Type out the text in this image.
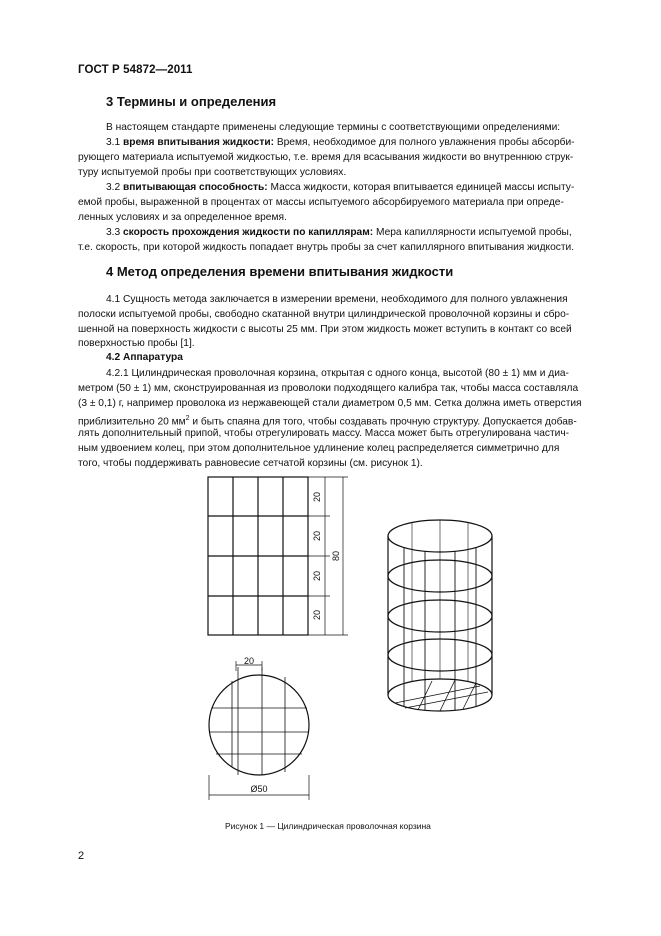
ГОСТ Р 54872—2011
3 Термины и определения
В настоящем стандарте применены следующие термины с соответствующими определениями:
3.1 время впитывания жидкости: Время, необходимое для полного увлажнения пробы абсорби-
рующего материала испытуемой жидкостью, т.е. время для всасывания жидкости во внутреннюю струк-
туру испытуемой пробы при соответствующих условиях.
3.2 впитывающая способность: Масса жидкости, которая впитывается единицей массы испыту-
емой пробы, выраженной в процентах от массы испытуемого абсорбируемого материала при опреде-
ленных условиях и за определенное время.
3.3 скорость прохождения жидкости по капиллярам: Мера капиллярности испытуемой пробы,
т.е. скорость, при которой жидкость попадает внутрь пробы за счет капиллярного впитывания жидкости.
4 Метод определения времени впитывания жидкости
4.1 Сущность метода заключается в измерении времени, необходимого для полного увлажнения
полоски испытуемой пробы, свободно скатанной внутри цилиндрической проволочной корзины и сбро-
шенной на поверхность жидкости с высоты 25 мм. При этом жидкость может вступить в контакт со всей
поверхностью пробы [1].
4.2 Аппаратура
4.2.1 Цилиндрическая проволочная корзина, открытая с одного конца, высотой (80 ± 1) мм и диа-
метром (50 ± 1) мм, сконструированная из проволоки подходящего калибра так, чтобы масса составляла
(3 ± 0,1) г, например проволока из нержавеющей стали диаметром 0,5 мм. Сетка должна иметь отверстия
приблизительно 20 $мм^2$ и быть спаяна для того, чтобы создавать прочную структуру. Допускается добав-
лять дополнительный припой, чтобы отрегулировать массу. Масса может быть отрегулирована частич-
ным удвоением колец, при этом дополнительное удлинение колец распределяется симметрично для
того, чтобы поддерживать равновесие сетчатой корзины (см. рисунок 1).
20
20
20
20
80
20
Ø50
Рисунок 1 — Цилиндрическая проволочная корзина
2
